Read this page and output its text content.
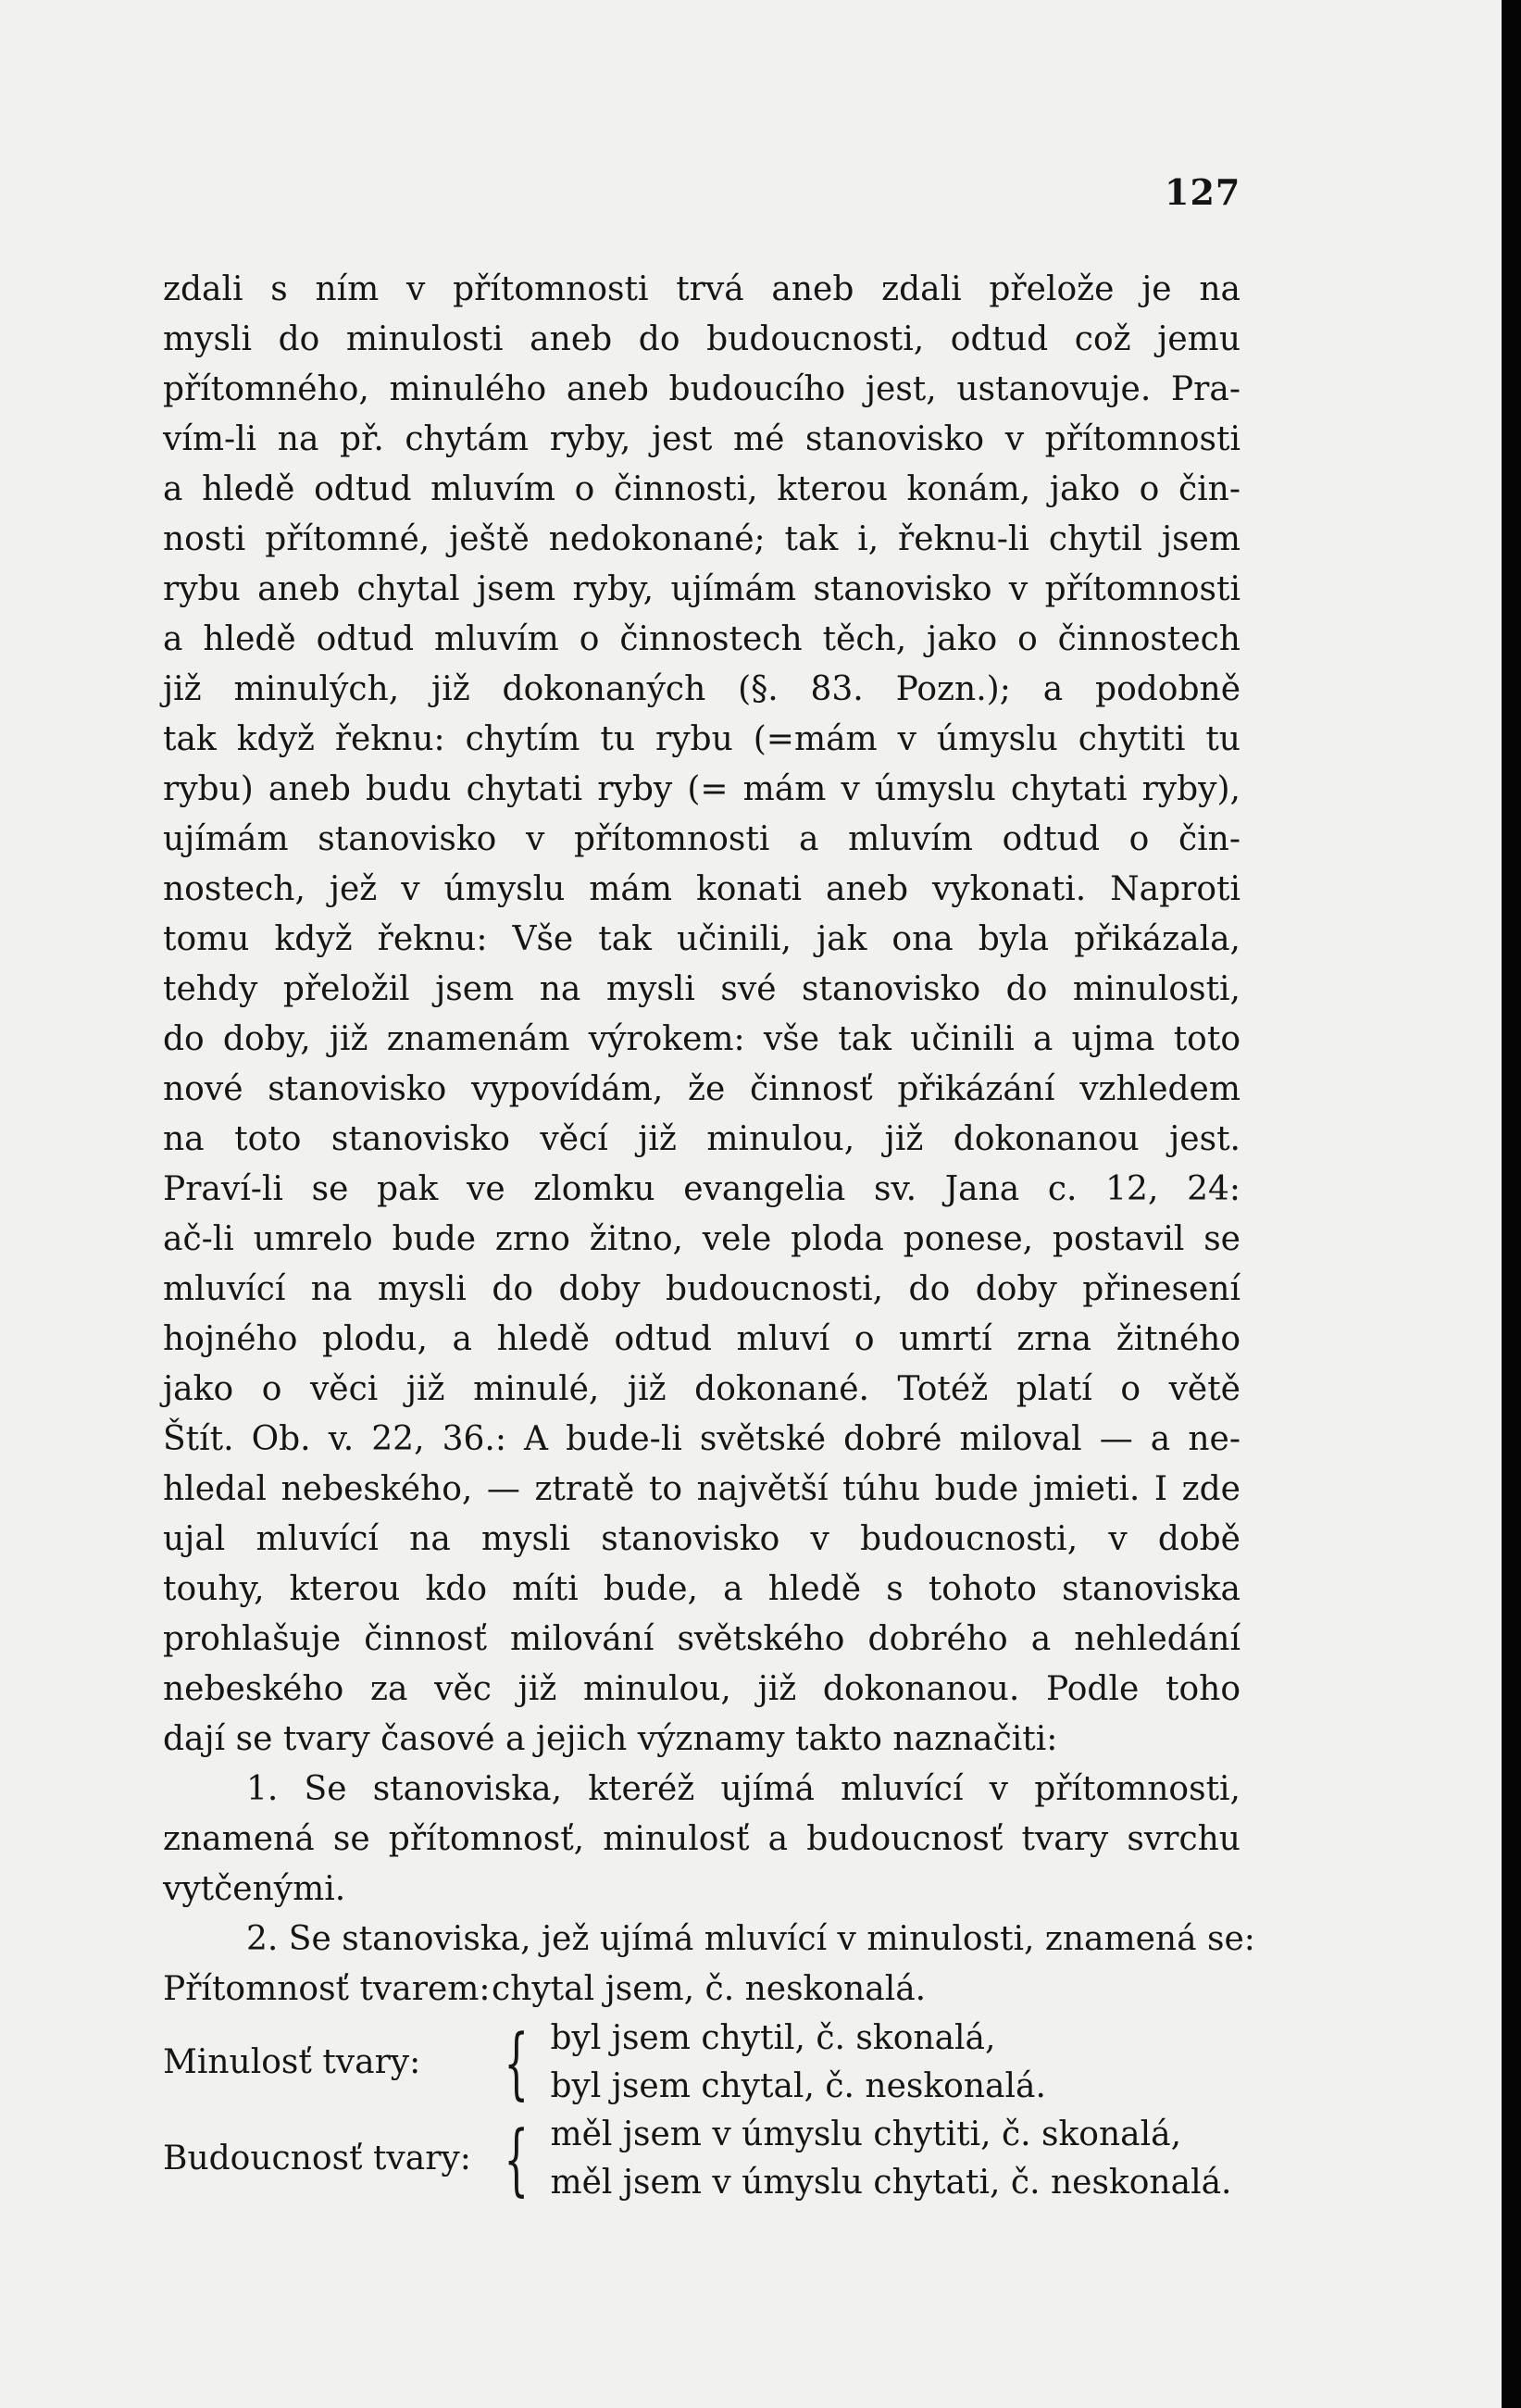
127
zdali s ním v přítomnosti trvá aneb zdali přelože je na
mysli do minulosti aneb do budoucnosti, odtud což jemu
přítomného, minulého aneb budoucího jest, ustanovuje. Pra-
vím-li na př. chytám ryby, jest mé stanovisko v přítomnosti
a hledě odtud mluvím o činnosti, kterou konám, jako o čin-
nosti přítomné, ještě nedokonané; tak i, řeknu-li chytil jsem
rybu aneb chytal jsem ryby, ujímám stanovisko v přítomnosti
a hledě odtud mluvím o činnostech těch, jako o činnostech
již minulých, již dokonaných (§. 83. Pozn.); a podobně
tak když řeknu: chytím tu rybu (=mám v úmyslu chytiti tu
rybu) aneb budu chytati ryby (= mám v úmyslu chytati ryby),
ujímám stanovisko v přítomnosti a mluvím odtud o čin-
nostech, jež v úmyslu mám konati aneb vykonati. Naproti
tomu když řeknu: Vše tak učinili, jak ona byla přikázala,
tehdy přeložil jsem na mysli své stanovisko do minulosti,
do doby, již znamenám výrokem: vše tak učinili a ujma toto
nové stanovisko vypovídám, že činnosť přikázání vzhledem
na toto stanovisko věcí již minulou, již dokonanou jest.
Praví-li se pak ve zlomku evangelia sv. Jana c. 12, 24:
ač-li umrelo bude zrno žitno, vele ploda ponese, postavil se
mluvící na mysli do doby budoucnosti, do doby přinesení
hojného plodu, a hledě odtud mluví o umrtí zrna žitného
jako o věci již minulé, již dokonané. Totéž platí o větě
Štít. Ob. v. 22, 36.: A bude-li světské dobré miloval — a ne-
hledal nebeského, — ztratě to najvětší túhu bude jmieti. I zde
ujal mluvící na mysli stanovisko v budoucnosti, v době
touhy, kterou kdo míti bude, a hledě s tohoto stanoviska
prohlašuje činnosť milování světského dobrého a nehledání
nebeského za věc již minulou, již dokonanou. Podle toho
dají se tvary časové a jejich významy takto naznačiti:
1. Se stanoviska, kteréž ujímá mluvící v přítomnosti,
znamená se přítomnosť, minulosť a budoucnosť tvary svrchu
vytčenými.
2. Se stanoviska, jež ujímá mluvící v minulosti, znamená se:
Přítomnosť tvarem: chytal jsem, č. neskonalá.
Minulosť tvary:	{ byl jsem chytil, č. skonalá,
byl jsem chytal, č. neskonalá.
Budoucnosť tvary: { měl jsem v úmyslu chytiti, č. skonalá,
měl jsem v úmyslu chytati, č. neskonalá.
